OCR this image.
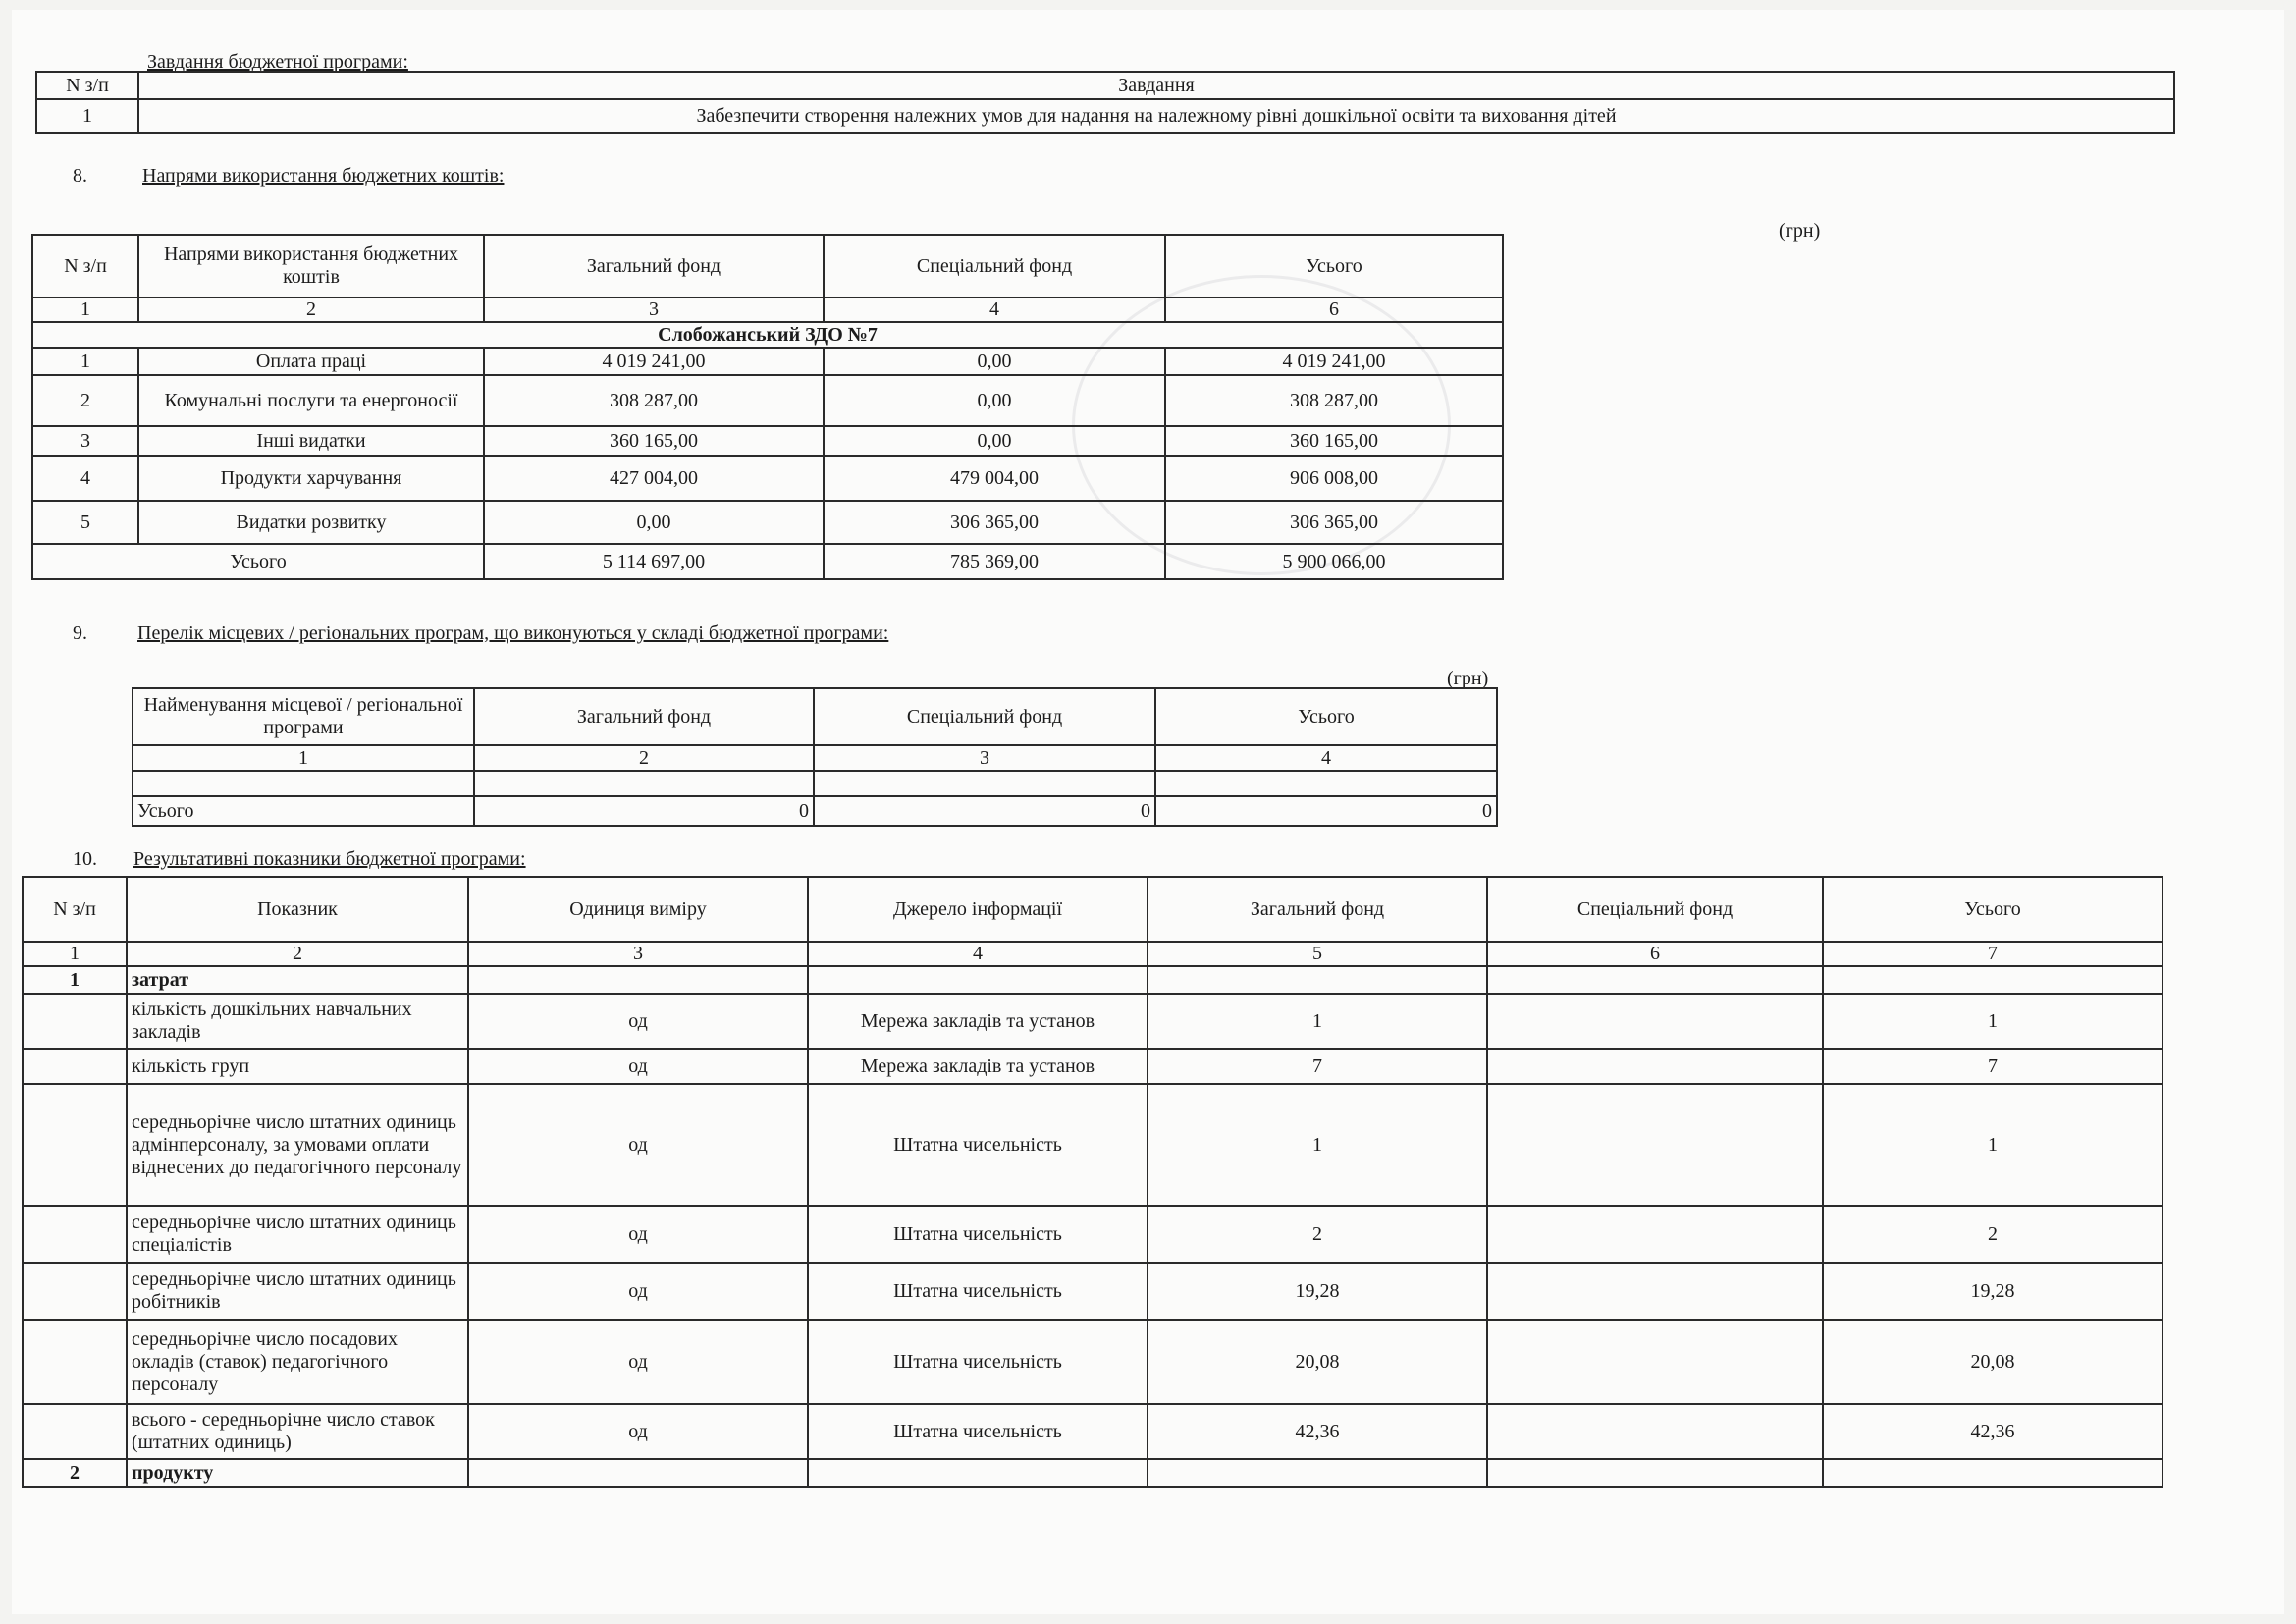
Завдання бюджетної програми:
N з/п	Завдання
1	Забезпечити створення належних умов для надання на належному рівні дошкільної освіти та виховання дітей
8.	Напрями використання бюджетних коштів:
(грн)
N з/п	Напрями використання бюджетних коштів	Загальний фонд	Спеціальний фонд	Усього
1	2	3	4	6
Слобожанський ЗДО №7				
1	Оплата праці	4 019 241,00	0,00	4 019 241,00
2	Комунальні послуги та енергоносії	308 287,00	0,00	308 287,00
3	Інші видатки	360 165,00	0,00	360 165,00
4	Продукти харчування	427 004,00	479 004,00	906 008,00
5	Видатки розвитку	0,00	306 365,00	306 365,00
Усього		5 114 697,00	785 369,00	5 900 066,00
9.	Перелік місцевих / регіональних програм, що виконуються у складі бюджетної програми:
(грн)
Найменування місцевої / регіональної програми	Загальний фонд	Спеціальний фонд	Усього
1	2	3	4

Усього	0	0	0
10. Результативні показники бюджетної програми:
N з/п	Показник	Одиниця виміру	Джерело інформації	Загальний фонд	Спеціальний фонд	Усього
1	2	3	4	5	6	7
1	затрат					
	кількість дошкільних навчальних закладів	од	Мережа закладів та установ	1		1
	кількість груп	од	Мережа закладів та установ	7		7
	середньорічне число штатних одиниць адмінперсоналу, за умовами оплати віднесених до педагогічного персоналу	од	Штатна чисельність	1		1
	середньорічне число штатних одиниць спеціалістів	од	Штатна чисельність	2		2
	середньорічне число штатних одиниць робітників	од	Штатна чисельність	19,28		19,28
	середньорічне число посадових окладів (ставок) педагогічного персоналу	од	Штатна чисельність	20,08		20,08
	всього - середньорічне число ставок (штатних одиниць)	од	Штатна чисельність	42,36		42,36
2	продукту					
